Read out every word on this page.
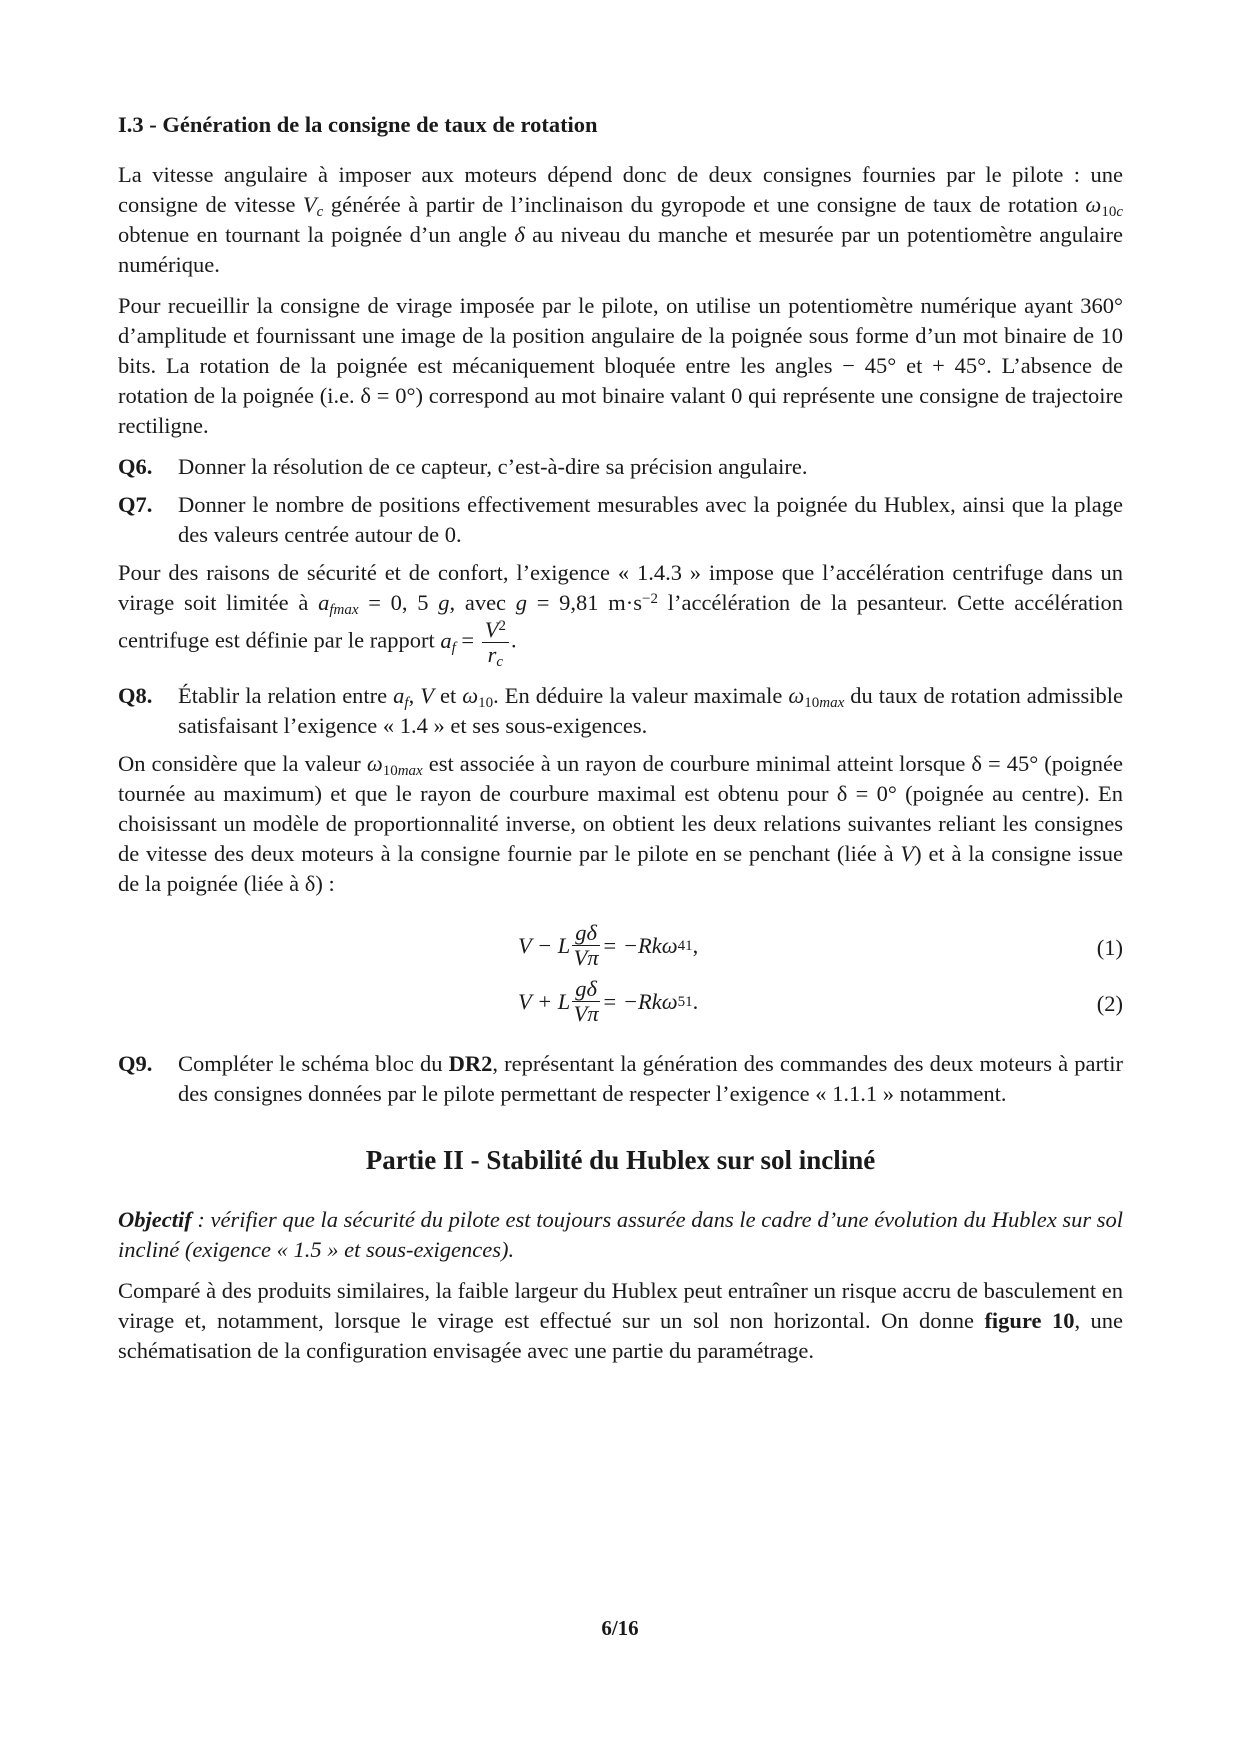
I.3 - Génération de la consigne de taux de rotation

La vitesse angulaire à imposer aux moteurs dépend donc de deux consignes fournies par le pilote : une consigne de vitesse $V_c$ générée à partir de l’inclinaison du gyropode et une consigne de taux de rotation $\omega_{10c}$ obtenue en tournant la poignée d’un angle δ au niveau du manche et mesurée par un potentiomètre angulaire numérique.

Pour recueillir la consigne de virage imposée par le pilote, on utilise un potentiomètre numérique ayant 360° d’amplitude et fournissant une image de la position angulaire de la poignée sous forme d’un mot binaire de 10 bits. La rotation de la poignée est mécaniquement bloquée entre les angles − 45° et + 45°. L’absence de rotation de la poignée (i.e. δ = 0°) correspond au mot binaire valant 0 qui représente une consigne de trajectoire rectiligne.

Q6.	Donner la résolution de ce capteur, c’est-à-dire sa précision angulaire.
Q7.	Donner le nombre de positions effectivement mesurables avec la poignée du Hublex, ainsi que la plage des valeurs centrée autour de 0.

Pour des raisons de sécurité et de confort, l’exigence « 1.4.3 » impose que l’accélération centrifuge dans un virage soit limitée à $a_{fmax} = 0$, 5 g, avec g = 9,81 $m\cdot s^{-2}$ l’accélération de la pesanteur. Cette accélération centrifuge est définie par le rapport $a_f = \frac{V^2}{r_c}$ .

Q8.	Établir la relation entre $a_f$, V et $\omega_{10}$. En déduire la valeur maximale $\omega_{10max}$ du taux de rotation admissible satisfaisant l’exigence « 1.4 » et ses sous-exigences.

On considère que la valeur $\omega_{10max}$ est associée à un rayon de courbure minimal atteint lorsque δ = 45° (poignée tournée au maximum) et que le rayon de courbure maximal est obtenu pour δ = 0° (poignée au centre). En choisissant un modèle de proportionnalité inverse, on obtient les deux relations suivantes reliant les consignes de vitesse des deux moteurs à la consigne fournie par le pilote en se penchant (liée à V) et à la consigne issue de la poignée (liée à δ) :

V − L $\frac{g\delta}{V\pi} = -Rk\omega$ 41 ,	(1)
V + L $\frac{g\delta}{V\pi} = -Rk\omega$ 51 .	(2)
Q9.	Compléter le schéma bloc du DR2, représentant la génération des commandes des deux moteurs à partir des consignes données par le pilote permettant de respecter l’exigence « 1.1.1 » notamment.
Partie II - Stabilité du Hublex sur sol incliné

Objectif : vérifier que la sécurité du pilote est toujours assurée dans le cadre d’une évolution du Hublex sur sol incliné (exigence « 1.5 » et sous-exigences).

Comparé à des produits similaires, la faible largeur du Hublex peut entraîner un risque accru de basculement en virage et, notamment, lorsque le virage est effectué sur un sol non horizontal. On donne figure 10, une schématisation de la configuration envisagée avec une partie du paramétrage.

6/16
